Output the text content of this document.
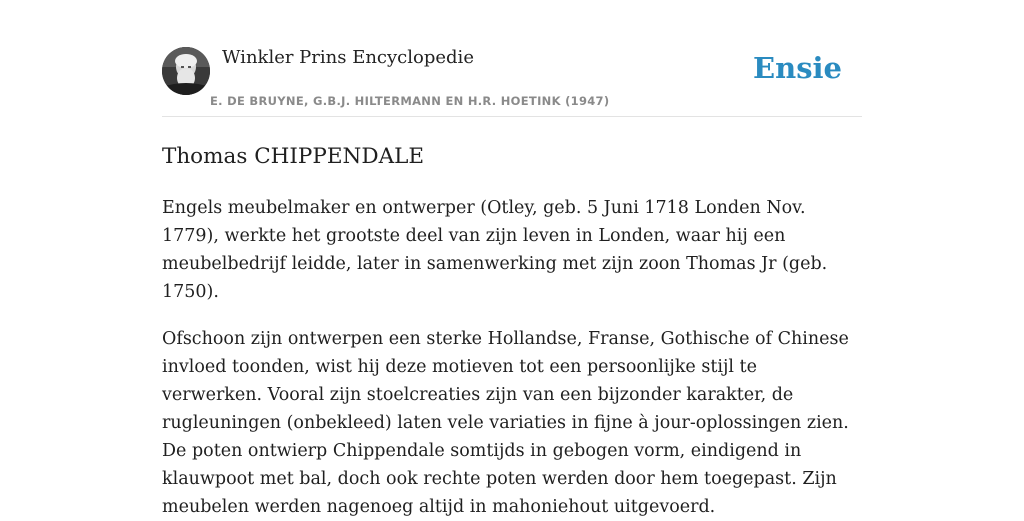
Winkler Prins Encyclopedie
E. DE BRUYNE, G.B.J. HILTERMANN EN H.R. HOETINK (1947)
Ensie
Thomas CHIPPENDALE

Engels meubelmaker en ontwerper (Otley, geb. 5 Juni 1718 Londen Nov. 1779), werkte het grootste deel van zijn leven in Londen, waar hij een meubelbedrijf leidde, later in samenwerking met zijn zoon Thomas Jr (geb. 1750).

Ofschoon zijn ontwerpen een sterke Hollandse, Franse, Gothische of Chinese invloed toonden, wist hij deze motieven tot een persoonlijke stijl te verwerken. Vooral zijn stoelcreaties zijn van een bijzonder karakter, de rugleuningen (onbekleed) laten vele variaties in fijne à jour-oplossingen zien. De poten ontwierp Chippendale somtijds in gebogen vorm, eindigend in klauwpoot met bal, doch ook rechte poten werden door hem toegepast. Zijn meubelen werden nagenoeg altijd in mahoniehout uitgevoerd.
